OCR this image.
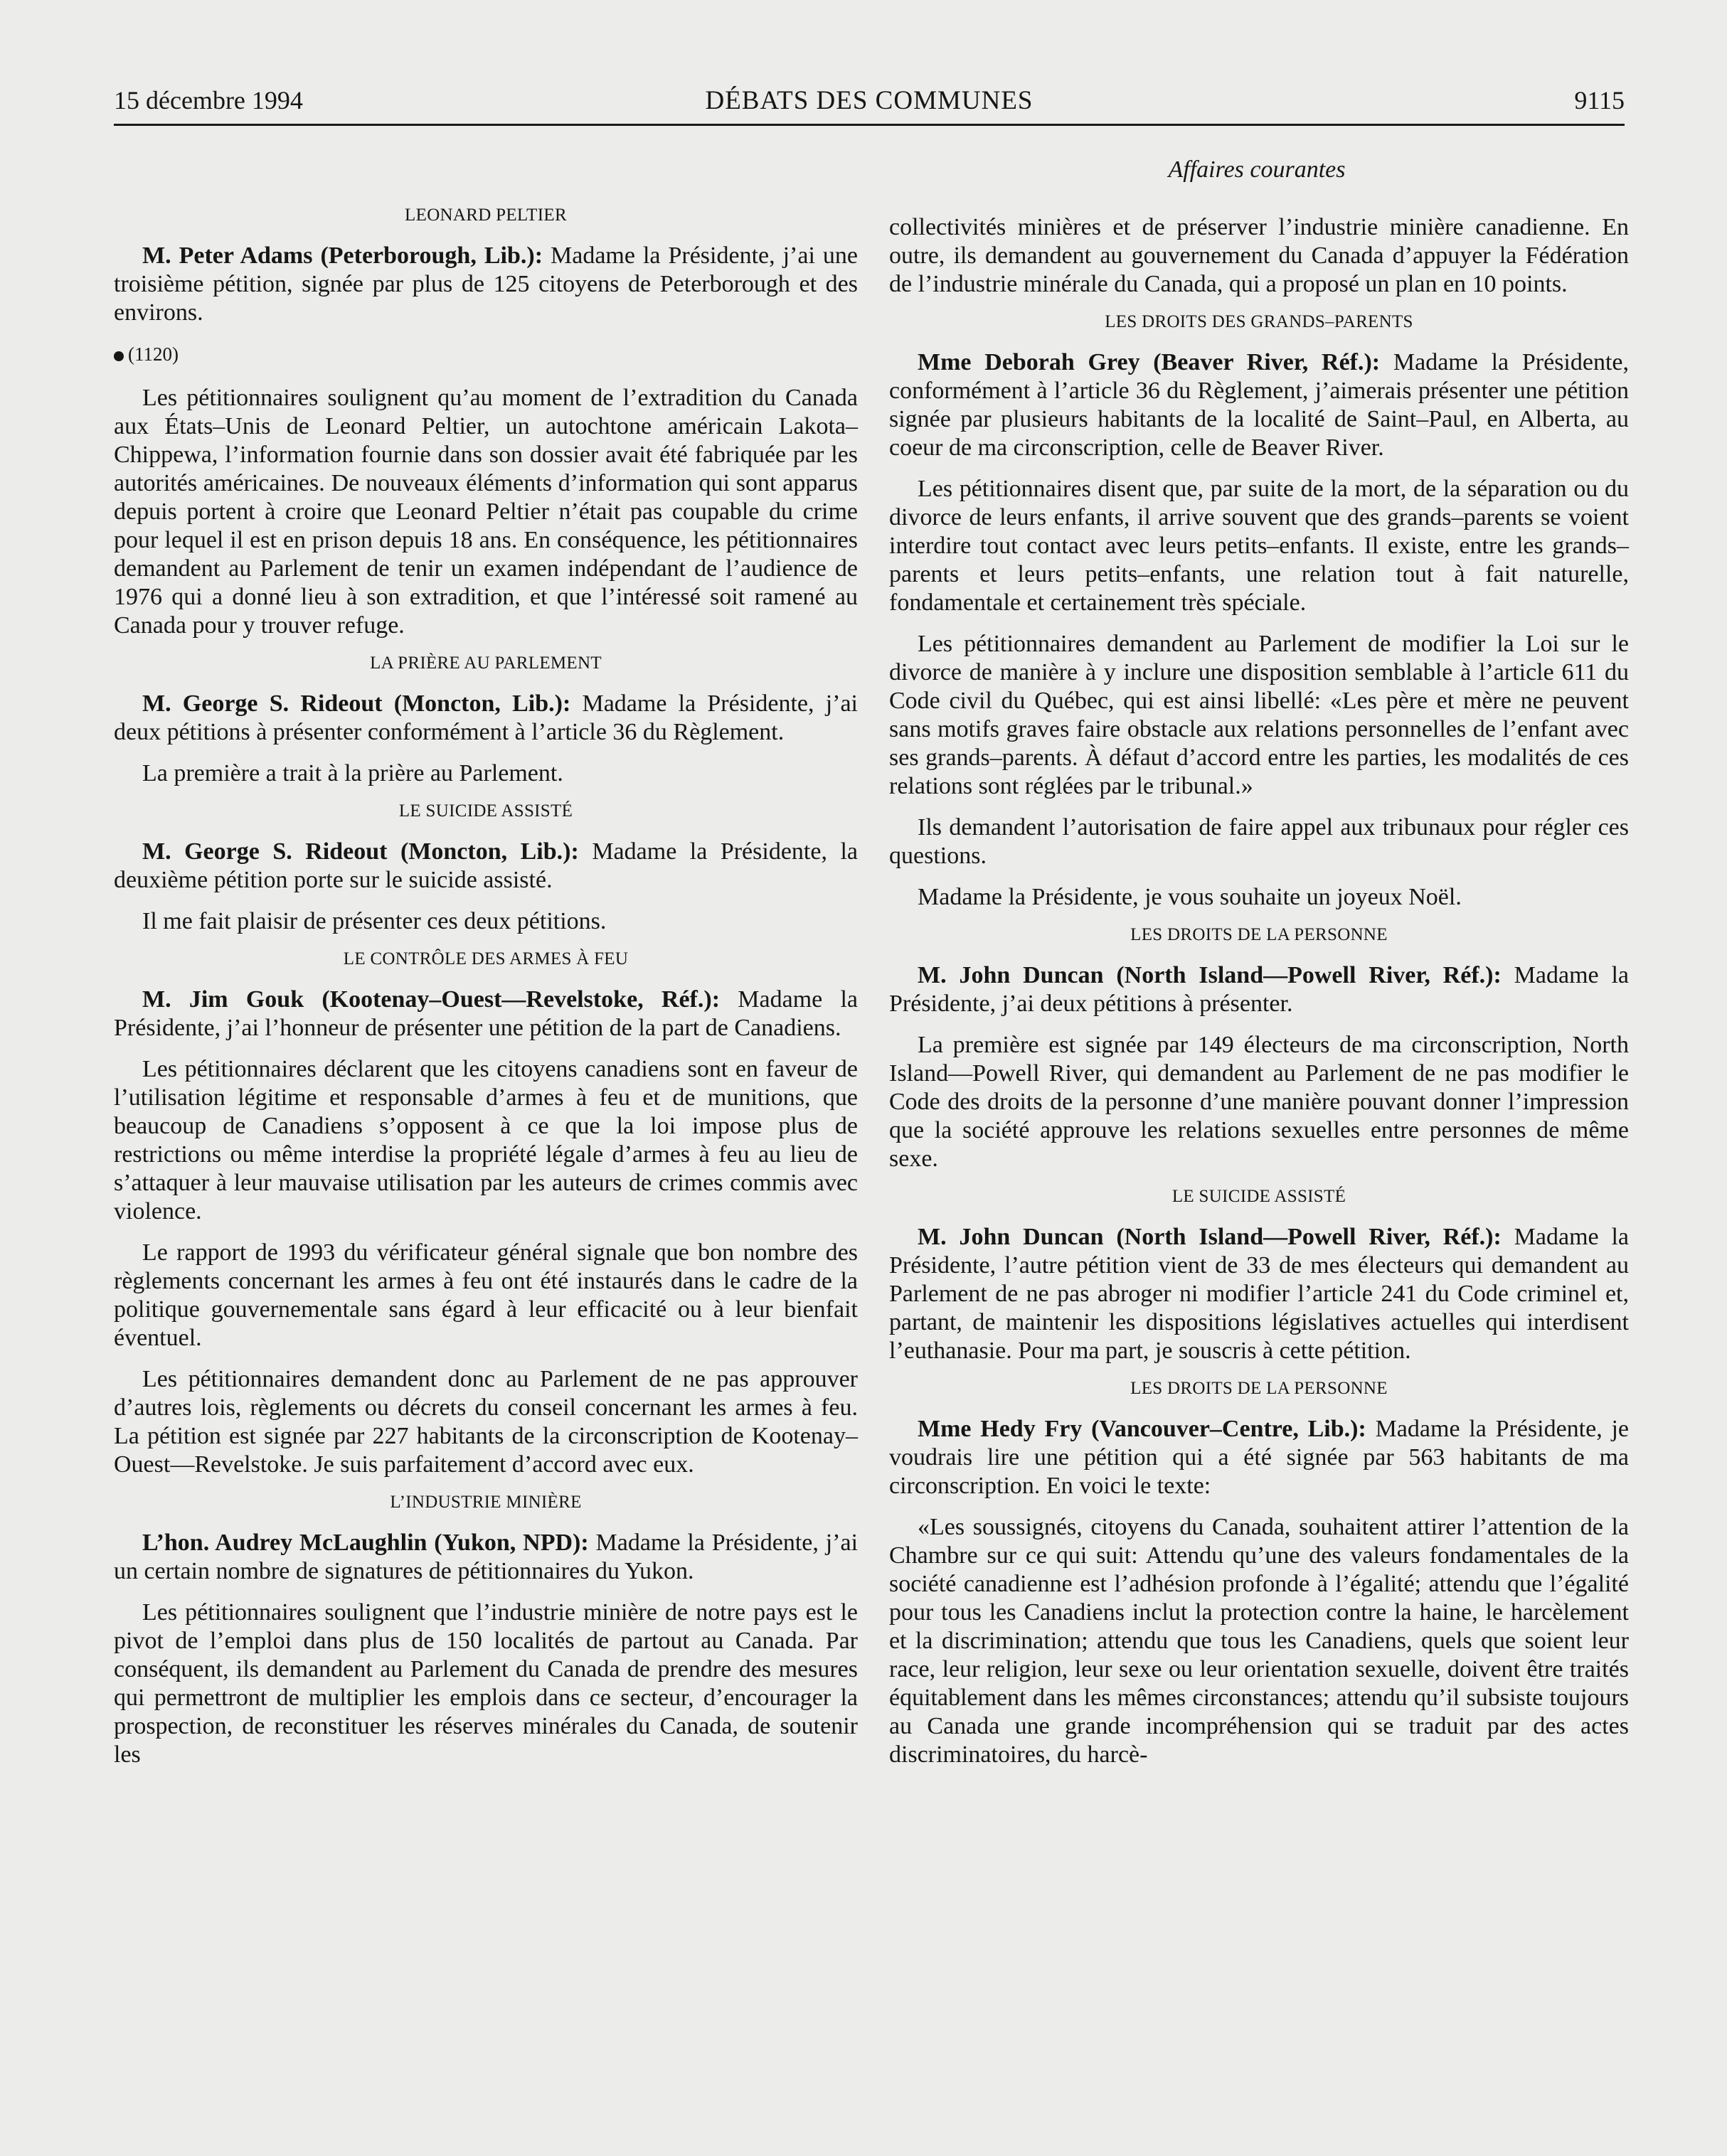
15 décembre 1994	DÉBATS DES COMMUNES	9115
Affaires courantes
LEONARD PELTIER

M. Peter Adams (Peterborough, Lib.): Madame la Présidente, j’ai une troisième pétition, signée par plus de 125 citoyens de Peterborough et des environs.

(1120)

Les pétitionnaires soulignent qu’au moment de l’extradition du Canada aux États–Unis de Leonard Peltier, un autochtone américain Lakota–Chippewa, l’information fournie dans son dossier avait été fabriquée par les autorités américaines. De nouveaux éléments d’information qui sont apparus depuis portent à croire que Leonard Peltier n’était pas coupable du crime pour lequel il est en prison depuis 18 ans. En conséquence, les pétitionnaires demandent au Parlement de tenir un examen indépendant de l’audience de 1976 qui a donné lieu à son extradition, et que l’intéressé soit ramené au Canada pour y trouver refuge.

LA PRIÈRE AU PARLEMENT

M. George S. Rideout (Moncton, Lib.): Madame la Présidente, j’ai deux pétitions à présenter conformément à l’article 36 du Règlement.

La première a trait à la prière au Parlement.

LE SUICIDE ASSISTÉ

M. George S. Rideout (Moncton, Lib.): Madame la Présidente, la deuxième pétition porte sur le suicide assisté.

Il me fait plaisir de présenter ces deux pétitions.

LE CONTRÔLE DES ARMES À FEU

M. Jim Gouk (Kootenay–Ouest—Revelstoke, Réf.): Madame la Présidente, j’ai l’honneur de présenter une pétition de la part de Canadiens.

Les pétitionnaires déclarent que les citoyens canadiens sont en faveur de l’utilisation légitime et responsable d’armes à feu et de munitions, que beaucoup de Canadiens s’opposent à ce que la loi impose plus de restrictions ou même interdise la propriété légale d’armes à feu au lieu de s’attaquer à leur mauvaise utilisation par les auteurs de crimes commis avec violence.

Le rapport de 1993 du vérificateur général signale que bon nombre des règlements concernant les armes à feu ont été instaurés dans le cadre de la politique gouvernementale sans égard à leur efficacité ou à leur bienfait éventuel.

Les pétitionnaires demandent donc au Parlement de ne pas approuver d’autres lois, règlements ou décrets du conseil concernant les armes à feu. La pétition est signée par 227 habitants de la circonscription de Kootenay–Ouest—Revelstoke. Je suis parfaitement d’accord avec eux.

L’INDUSTRIE MINIÈRE

L’hon. Audrey McLaughlin (Yukon, NPD): Madame la Présidente, j’ai un certain nombre de signatures de pétitionnaires du Yukon.

Les pétitionnaires soulignent que l’industrie minière de notre pays est le pivot de l’emploi dans plus de 150 localités de partout au Canada. Par conséquent, ils demandent au Parlement du Canada de prendre des mesures qui permettront de multiplier les emplois dans ce secteur, d’encourager la prospection, de reconstituer les réserves minérales du Canada, de soutenir les

collectivités minières et de préserver l’industrie minière canadienne. En outre, ils demandent au gouvernement du Canada d’appuyer la Fédération de l’industrie minérale du Canada, qui a proposé un plan en 10 points.

LES DROITS DES GRANDS–PARENTS

Mme Deborah Grey (Beaver River, Réf.): Madame la Présidente, conformément à l’article 36 du Règlement, j’aimerais présenter une pétition signée par plusieurs habitants de la localité de Saint–Paul, en Alberta, au coeur de ma circonscription, celle de Beaver River.

Les pétitionnaires disent que, par suite de la mort, de la séparation ou du divorce de leurs enfants, il arrive souvent que des grands–parents se voient interdire tout contact avec leurs petits–enfants. Il existe, entre les grands–parents et leurs petits–enfants, une relation tout à fait naturelle, fondamentale et certainement très spéciale.

Les pétitionnaires demandent au Parlement de modifier la Loi sur le divorce de manière à y inclure une disposition semblable à l’article 611 du Code civil du Québec, qui est ainsi libellé: «Les père et mère ne peuvent sans motifs graves faire obstacle aux relations personnelles de l’enfant avec ses grands–parents. À défaut d’accord entre les parties, les modalités de ces relations sont réglées par le tribunal.»

Ils demandent l’autorisation de faire appel aux tribunaux pour régler ces questions.

Madame la Présidente, je vous souhaite un joyeux Noël.

LES DROITS DE LA PERSONNE

M. John Duncan (North Island—Powell River, Réf.): Madame la Présidente, j’ai deux pétitions à présenter.

La première est signée par 149 électeurs de ma circonscription, North Island—Powell River, qui demandent au Parlement de ne pas modifier le Code des droits de la personne d’une manière pouvant donner l’impression que la société approuve les relations sexuelles entre personnes de même sexe.

LE SUICIDE ASSISTÉ

M. John Duncan (North Island—Powell River, Réf.): Madame la Présidente, l’autre pétition vient de 33 de mes électeurs qui demandent au Parlement de ne pas abroger ni modifier l’article 241 du Code criminel et, partant, de maintenir les dispositions législatives actuelles qui interdisent l’euthanasie. Pour ma part, je souscris à cette pétition.

LES DROITS DE LA PERSONNE

Mme Hedy Fry (Vancouver–Centre, Lib.): Madame la Présidente, je voudrais lire une pétition qui a été signée par 563 habitants de ma circonscription. En voici le texte:

«Les soussignés, citoyens du Canada, souhaitent attirer l’attention de la Chambre sur ce qui suit: Attendu qu’une des valeurs fondamentales de la société canadienne est l’adhésion profonde à l’égalité; attendu que l’égalité pour tous les Canadiens inclut la protection contre la haine, le harcèlement et la discrimination; attendu que tous les Canadiens, quels que soient leur race, leur religion, leur sexe ou leur orientation sexuelle, doivent être traités équitablement dans les mêmes circonstances; attendu qu’il subsiste toujours au Canada une grande incompréhension qui se traduit par des actes discriminatoires, du harcè-
